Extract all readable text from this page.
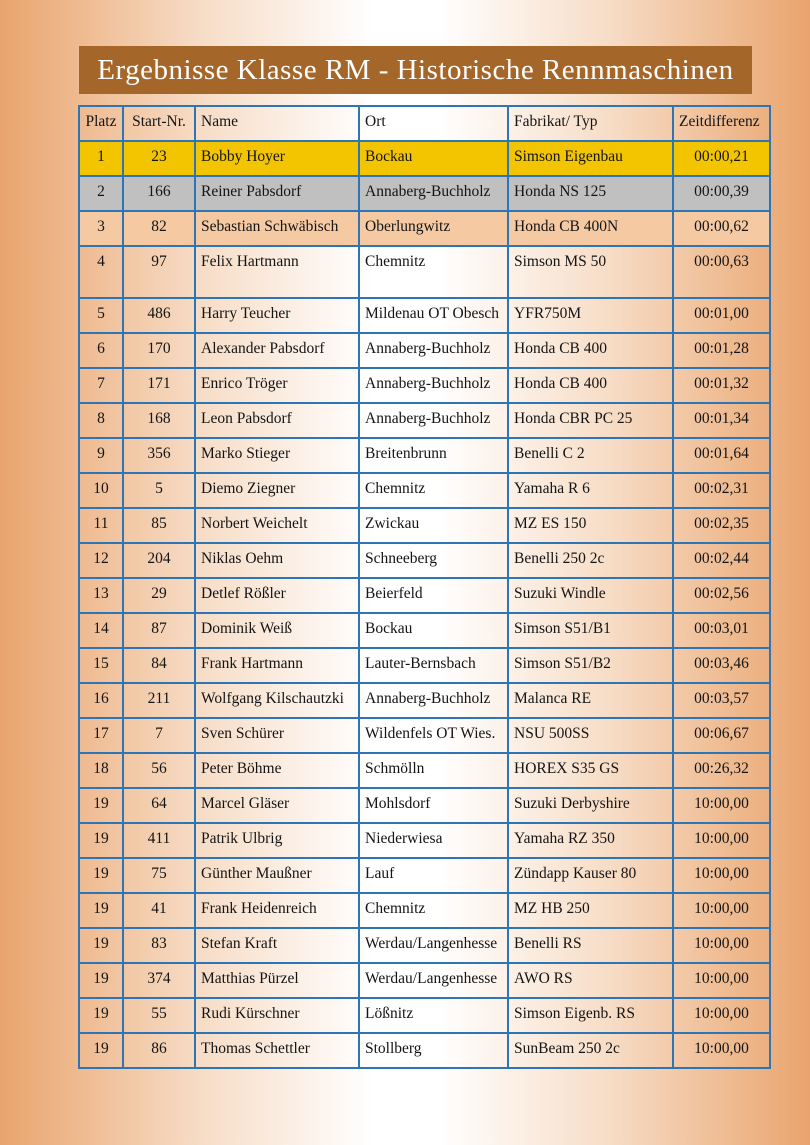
Ergebnisse Klasse RM - Historische Rennmaschinen
Platz	Start-Nr.	Name	Ort	Fabrikat/ Typ	Zeitdifferenz
1	23	Bobby Hoyer	Bockau	Simson Eigenbau	00:00,21
2	166	Reiner Pabsdorf	Annaberg-Buchholz	Honda NS 125	00:00,39
3	82	Sebastian Schwäbisch	Oberlungwitz	Honda CB 400N	00:00,62
4	97	Felix Hartmann	Chemnitz	Simson MS 50	00:00,63
5	486	Harry Teucher	Mildenau OT Obesch	YFR750M	00:01,00
6	170	Alexander Pabsdorf	Annaberg-Buchholz	Honda CB 400	00:01,28
7	171	Enrico Tröger	Annaberg-Buchholz	Honda CB 400	00:01,32
8	168	Leon Pabsdorf	Annaberg-Buchholz	Honda CBR PC 25	00:01,34
9	356	Marko Stieger	Breitenbrunn	Benelli C 2	00:01,64
10	5	Diemo Ziegner	Chemnitz	Yamaha R 6	00:02,31
11	85	Norbert Weichelt	Zwickau	MZ ES 150	00:02,35
12	204	Niklas Oehm	Schneeberg	Benelli 250 2c	00:02,44
13	29	Detlef Rößler	Beierfeld	Suzuki Windle	00:02,56
14	87	Dominik Weiß	Bockau	Simson S51/B1	00:03,01
15	84	Frank Hartmann	Lauter-Bernsbach	Simson S51/B2	00:03,46
16	211	Wolfgang Kilschautzki	Annaberg-Buchholz	Malanca RE	00:03,57
17	7	Sven Schürer	Wildenfels OT Wies.	NSU 500SS	00:06,67
18	56	Peter Böhme	Schmölln	HOREX S35 GS	00:26,32
19	64	Marcel Gläser	Mohlsdorf	Suzuki Derbyshire	10:00,00
19	411	Patrik Ulbrig	Niederwiesa	Yamaha RZ 350	10:00,00
19	75	Günther Maußner	Lauf	Zündapp Kauser 80	10:00,00
19	41	Frank Heidenreich	Chemnitz	MZ HB 250	10:00,00
19	83	Stefan Kraft	Werdau/Langenhesse	Benelli RS	10:00,00
19	374	Matthias Pürzel	Werdau/Langenhesse	AWO RS	10:00,00
19	55	Rudi Kürschner	Lößnitz	Simson Eigenb. RS	10:00,00
19	86	Thomas Schettler	Stollberg	SunBeam 250 2c	10:00,00
